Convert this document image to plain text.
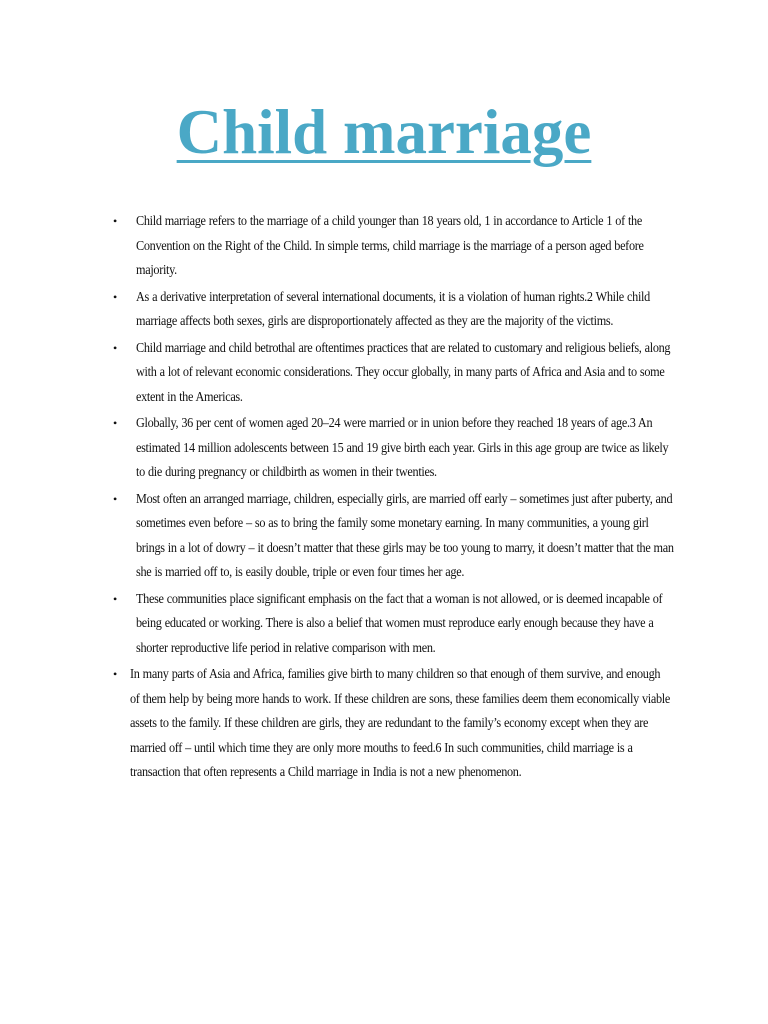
Child marriage
• Child marriage refers to the marriage of a child younger than 18 years old, 1 in accordance to Article 1 of the Convention on the Right of the Child. In simple terms, child marriage is the marriage of a person aged before majority.
• As a derivative interpretation of several international documents, it is a violation of human rights.2 While child marriage affects both sexes, girls are disproportionately affected as they are the majority of the victims.
• Child marriage and child betrothal are oftentimes practices that are related to customary and religious beliefs, along with a lot of relevant economic considerations. They occur globally, in many parts of Africa and Asia and to some extent in the Americas.
• Globally, 36 per cent of women aged 20–24 were married or in union before they reached 18 years of age.3 An estimated 14 million adolescents between 15 and 19 give birth each year. Girls in this age group are twice as likely to die during pregnancy or childbirth as women in their twenties.
• Most often an arranged marriage, children, especially girls, are married off early – sometimes just after puberty, and sometimes even before – so as to bring the family some monetary earning. In many communities, a young girl brings in a lot of dowry – it doesn’t matter that these girls may be too young to marry, it doesn’t matter that the man she is married off to, is easily double, triple or even four times her age.
• These communities place significant emphasis on the fact that a woman is not allowed, or is deemed incapable of being educated or working. There is also a belief that women must reproduce early enough because they have a shorter reproductive life period in relative comparison with men.
• In many parts of Asia and Africa, families give birth to many children so that enough of them survive, and enough of them help by being more hands to work. If these children are sons, these families deem them economically viable assets to the family. If these children are girls, they are redundant to the family’s economy except when they are married off – until which time they are only more mouths to feed.6 In such communities, child marriage is a transaction that often represents a Child marriage in India is not a new phenomenon.
